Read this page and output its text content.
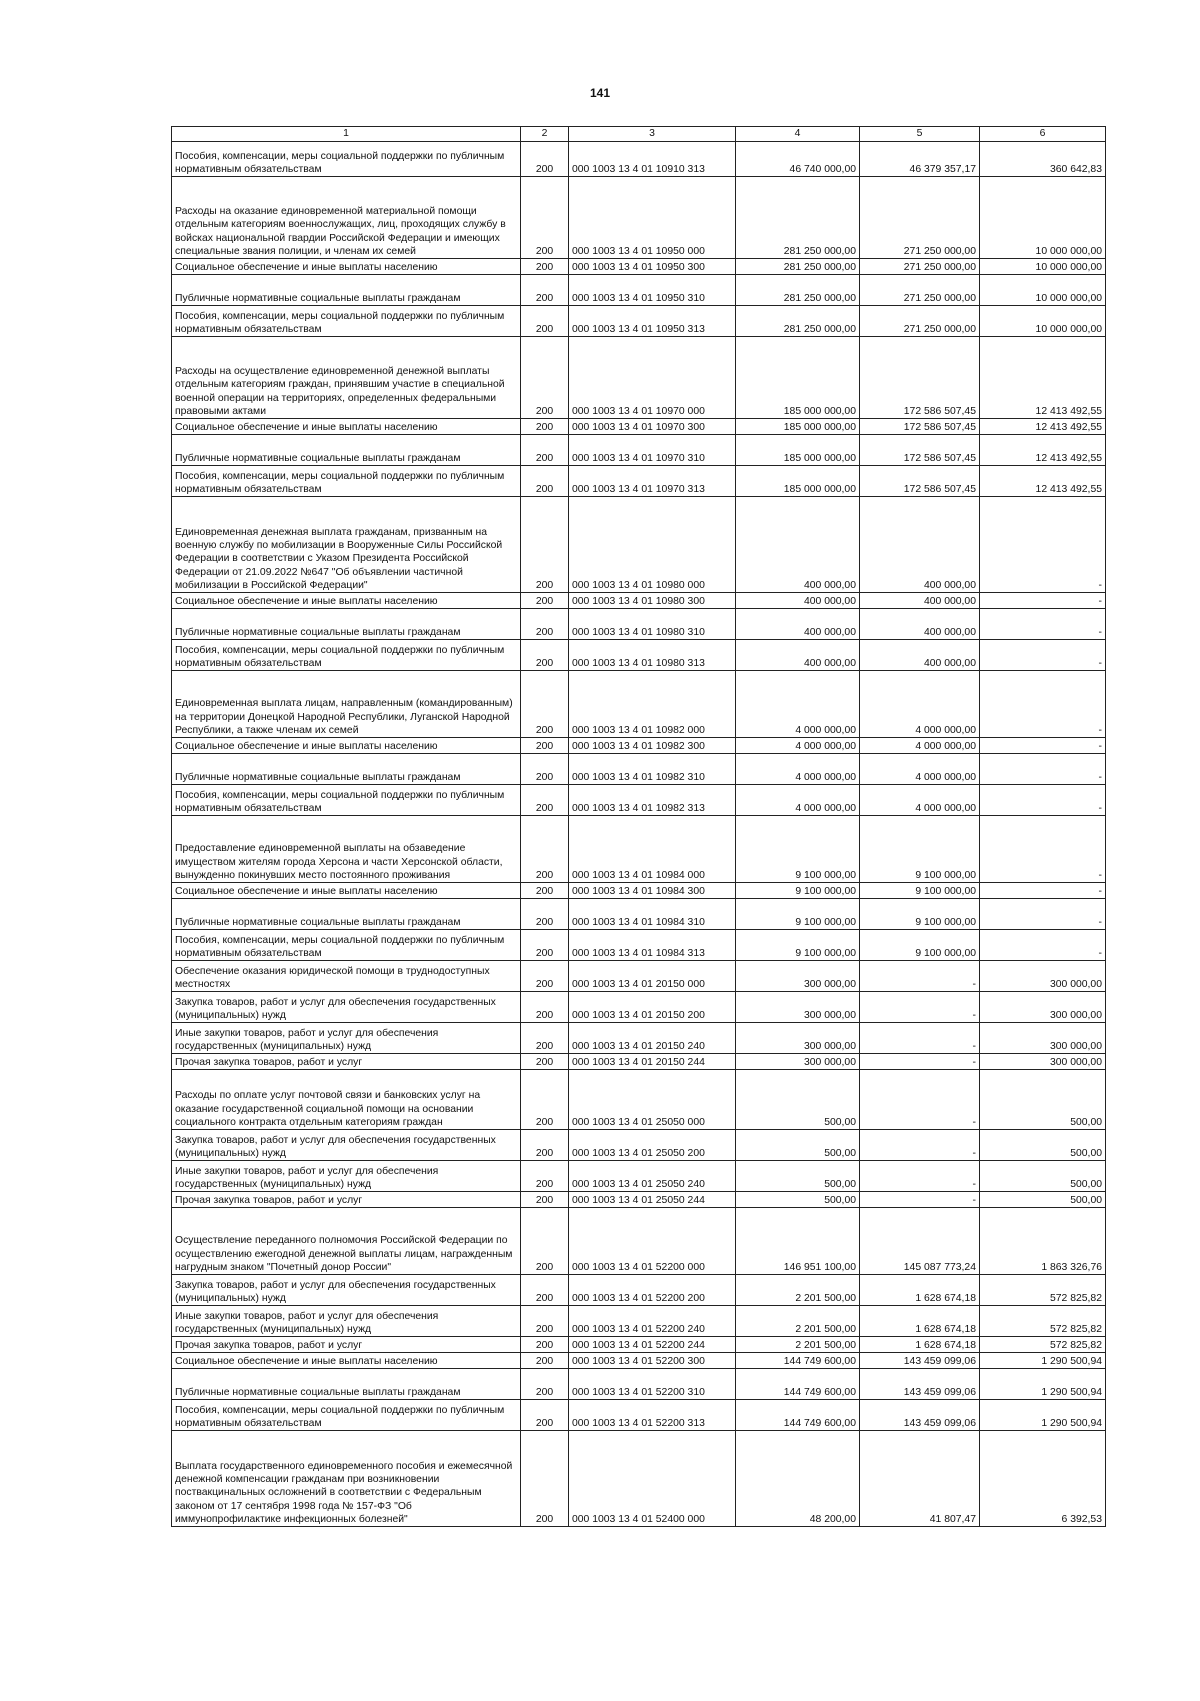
141
1	2	3	4	5	6
Пособия, компенсации, меры социальной поддержки по публичным нормативным обязательствам	200	000 1003 13 4 01 10910 313	46 740 000,00	46 379 357,17	360 642,83
Расходы на оказание единовременной материальной помощи отдельным категориям военнослужащих, лиц, проходящих службу в войсках национальной гвардии Российской Федерации и имеющих специальные звания полиции, и членам их семей	200	000 1003 13 4 01 10950 000	281 250 000,00	271 250 000,00	10 000 000,00
Социальное обеспечение и иные выплаты населению	200	000 1003 13 4 01 10950 300	281 250 000,00	271 250 000,00	10 000 000,00
Публичные нормативные социальные выплаты гражданам	200	000 1003 13 4 01 10950 310	281 250 000,00	271 250 000,00	10 000 000,00
Пособия, компенсации, меры социальной поддержки по публичным нормативным обязательствам	200	000 1003 13 4 01 10950 313	281 250 000,00	271 250 000,00	10 000 000,00
Расходы на осуществление единовременной денежной выплаты отдельным категориям граждан, принявшим участие в специальной военной операции на территориях, определенных федеральными правовыми актами	200	000 1003 13 4 01 10970 000	185 000 000,00	172 586 507,45	12 413 492,55
Социальное обеспечение и иные выплаты населению	200	000 1003 13 4 01 10970 300	185 000 000,00	172 586 507,45	12 413 492,55
Публичные нормативные социальные выплаты гражданам	200	000 1003 13 4 01 10970 310	185 000 000,00	172 586 507,45	12 413 492,55
Пособия, компенсации, меры социальной поддержки по публичным нормативным обязательствам	200	000 1003 13 4 01 10970 313	185 000 000,00	172 586 507,45	12 413 492,55
Единовременная денежная выплата гражданам, призванным на военную службу по мобилизации в Вооруженные Силы Российской Федерации в соответствии с Указом Президента Российской Федерации от 21.09.2022 №647 "Об объявлении частичной мобилизации в Российской Федерации"	200	000 1003 13 4 01 10980 000	400 000,00	400 000,00	-
Социальное обеспечение и иные выплаты населению	200	000 1003 13 4 01 10980 300	400 000,00	400 000,00	-
Публичные нормативные социальные выплаты гражданам	200	000 1003 13 4 01 10980 310	400 000,00	400 000,00	-
Пособия, компенсации, меры социальной поддержки по публичным нормативным обязательствам	200	000 1003 13 4 01 10980 313	400 000,00	400 000,00	-
Единовременная выплата лицам, направленным (командированным) на территории Донецкой Народной Республики, Луганской Народной Республики, а также членам их семей	200	000 1003 13 4 01 10982 000	4 000 000,00	4 000 000,00	-
Социальное обеспечение и иные выплаты населению	200	000 1003 13 4 01 10982 300	4 000 000,00	4 000 000,00	-
Публичные нормативные социальные выплаты гражданам	200	000 1003 13 4 01 10982 310	4 000 000,00	4 000 000,00	-
Пособия, компенсации, меры социальной поддержки по публичным нормативным обязательствам	200	000 1003 13 4 01 10982 313	4 000 000,00	4 000 000,00	-
Предоставление единовременной выплаты на обзаведение имуществом жителям города Херсона и части Херсонской области, вынужденно покинувших место постоянного проживания	200	000 1003 13 4 01 10984 000	9 100 000,00	9 100 000,00	-
Социальное обеспечение и иные выплаты населению	200	000 1003 13 4 01 10984 300	9 100 000,00	9 100 000,00	-
Публичные нормативные социальные выплаты гражданам	200	000 1003 13 4 01 10984 310	9 100 000,00	9 100 000,00	-
Пособия, компенсации, меры социальной поддержки по публичным нормативным обязательствам	200	000 1003 13 4 01 10984 313	9 100 000,00	9 100 000,00	-
Обеспечение оказания юридической помощи в труднодоступных местностях	200	000 1003 13 4 01 20150 000	300 000,00	-	300 000,00
Закупка товаров, работ и услуг для обеспечения государственных (муниципальных) нужд	200	000 1003 13 4 01 20150 200	300 000,00	-	300 000,00
Иные закупки товаров, работ и услуг для обеспечения государственных (муниципальных) нужд	200	000 1003 13 4 01 20150 240	300 000,00	-	300 000,00
Прочая закупка товаров, работ и услуг	200	000 1003 13 4 01 20150 244	300 000,00	-	300 000,00
Расходы по оплате услуг почтовой связи и банковских услуг на оказание государственной социальной помощи на основании социального контракта отдельным категориям граждан	200	000 1003 13 4 01 25050 000	500,00	-	500,00
Закупка товаров, работ и услуг для обеспечения государственных (муниципальных) нужд	200	000 1003 13 4 01 25050 200	500,00	-	500,00
Иные закупки товаров, работ и услуг для обеспечения государственных (муниципальных) нужд	200	000 1003 13 4 01 25050 240	500,00	-	500,00
Прочая закупка товаров, работ и услуг	200	000 1003 13 4 01 25050 244	500,00	-	500,00
Осуществление переданного полномочия Российской Федерации по осуществлению ежегодной денежной выплаты лицам, награжденным нагрудным знаком "Почетный донор России"	200	000 1003 13 4 01 52200 000	146 951 100,00	145 087 773,24	1 863 326,76
Закупка товаров, работ и услуг для обеспечения государственных (муниципальных) нужд	200	000 1003 13 4 01 52200 200	2 201 500,00	1 628 674,18	572 825,82
Иные закупки товаров, работ и услуг для обеспечения государственных (муниципальных) нужд	200	000 1003 13 4 01 52200 240	2 201 500,00	1 628 674,18	572 825,82
Прочая закупка товаров, работ и услуг	200	000 1003 13 4 01 52200 244	2 201 500,00	1 628 674,18	572 825,82
Социальное обеспечение и иные выплаты населению	200	000 1003 13 4 01 52200 300	144 749 600,00	143 459 099,06	1 290 500,94
Публичные нормативные социальные выплаты гражданам	200	000 1003 13 4 01 52200 310	144 749 600,00	143 459 099,06	1 290 500,94
Пособия, компенсации, меры социальной поддержки по публичным нормативным обязательствам	200	000 1003 13 4 01 52200 313	144 749 600,00	143 459 099,06	1 290 500,94
Выплата государственного единовременного пособия и ежемесячной денежной компенсации гражданам при возникновении поствакцинальных осложнений в соответствии с Федеральным законом от 17 сентября 1998 года № 157-ФЗ "Об иммунопрофилактике инфекционных болезней"	200	000 1003 13 4 01 52400 000	48 200,00	41 807,47	6 392,53
